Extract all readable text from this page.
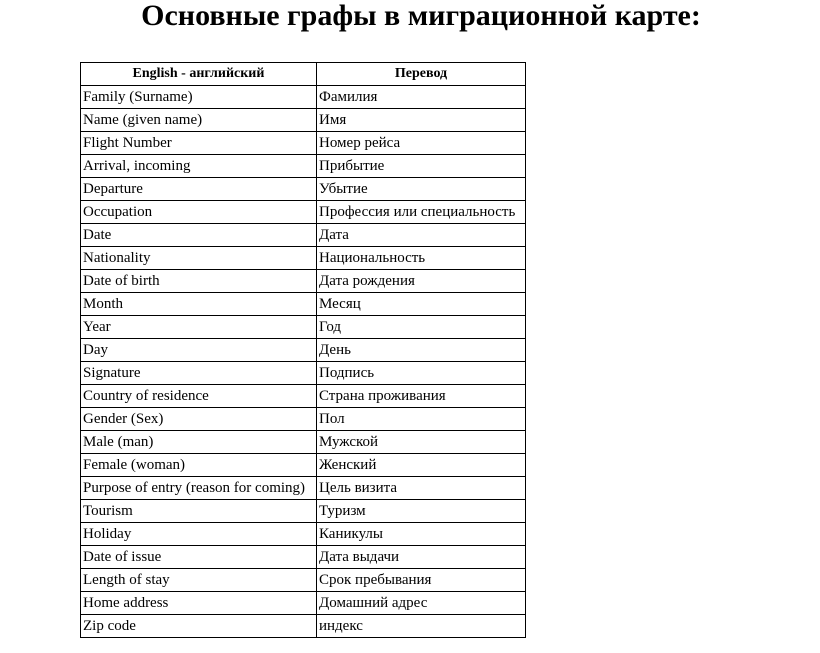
Основные графы в миграционной карте:
English - английский	Перевод
Family (Surname)	Фамилия
Name (given name)	Имя
Flight Number	Номер рейса
Arrival, incoming	Прибытие
Departure	Убытие
Occupation	Профессия или специальность
Date	Дата
Nationality	Национальность
Date of birth	Дата рождения
Month	Месяц
Year	Год
Day	День
Signature	Подпись
Country of residence	Страна проживания
Gender (Sex)	Пол
Male (man)	Мужской
Female (woman)	Женский
Purpose of entry (reason for coming)	Цель визита
Tourism	Туризм
Holiday	Каникулы
Date of issue	Дата выдачи
Length of stay	Срок пребывания
Home address	Домашний адрес
Zip code	индекс
